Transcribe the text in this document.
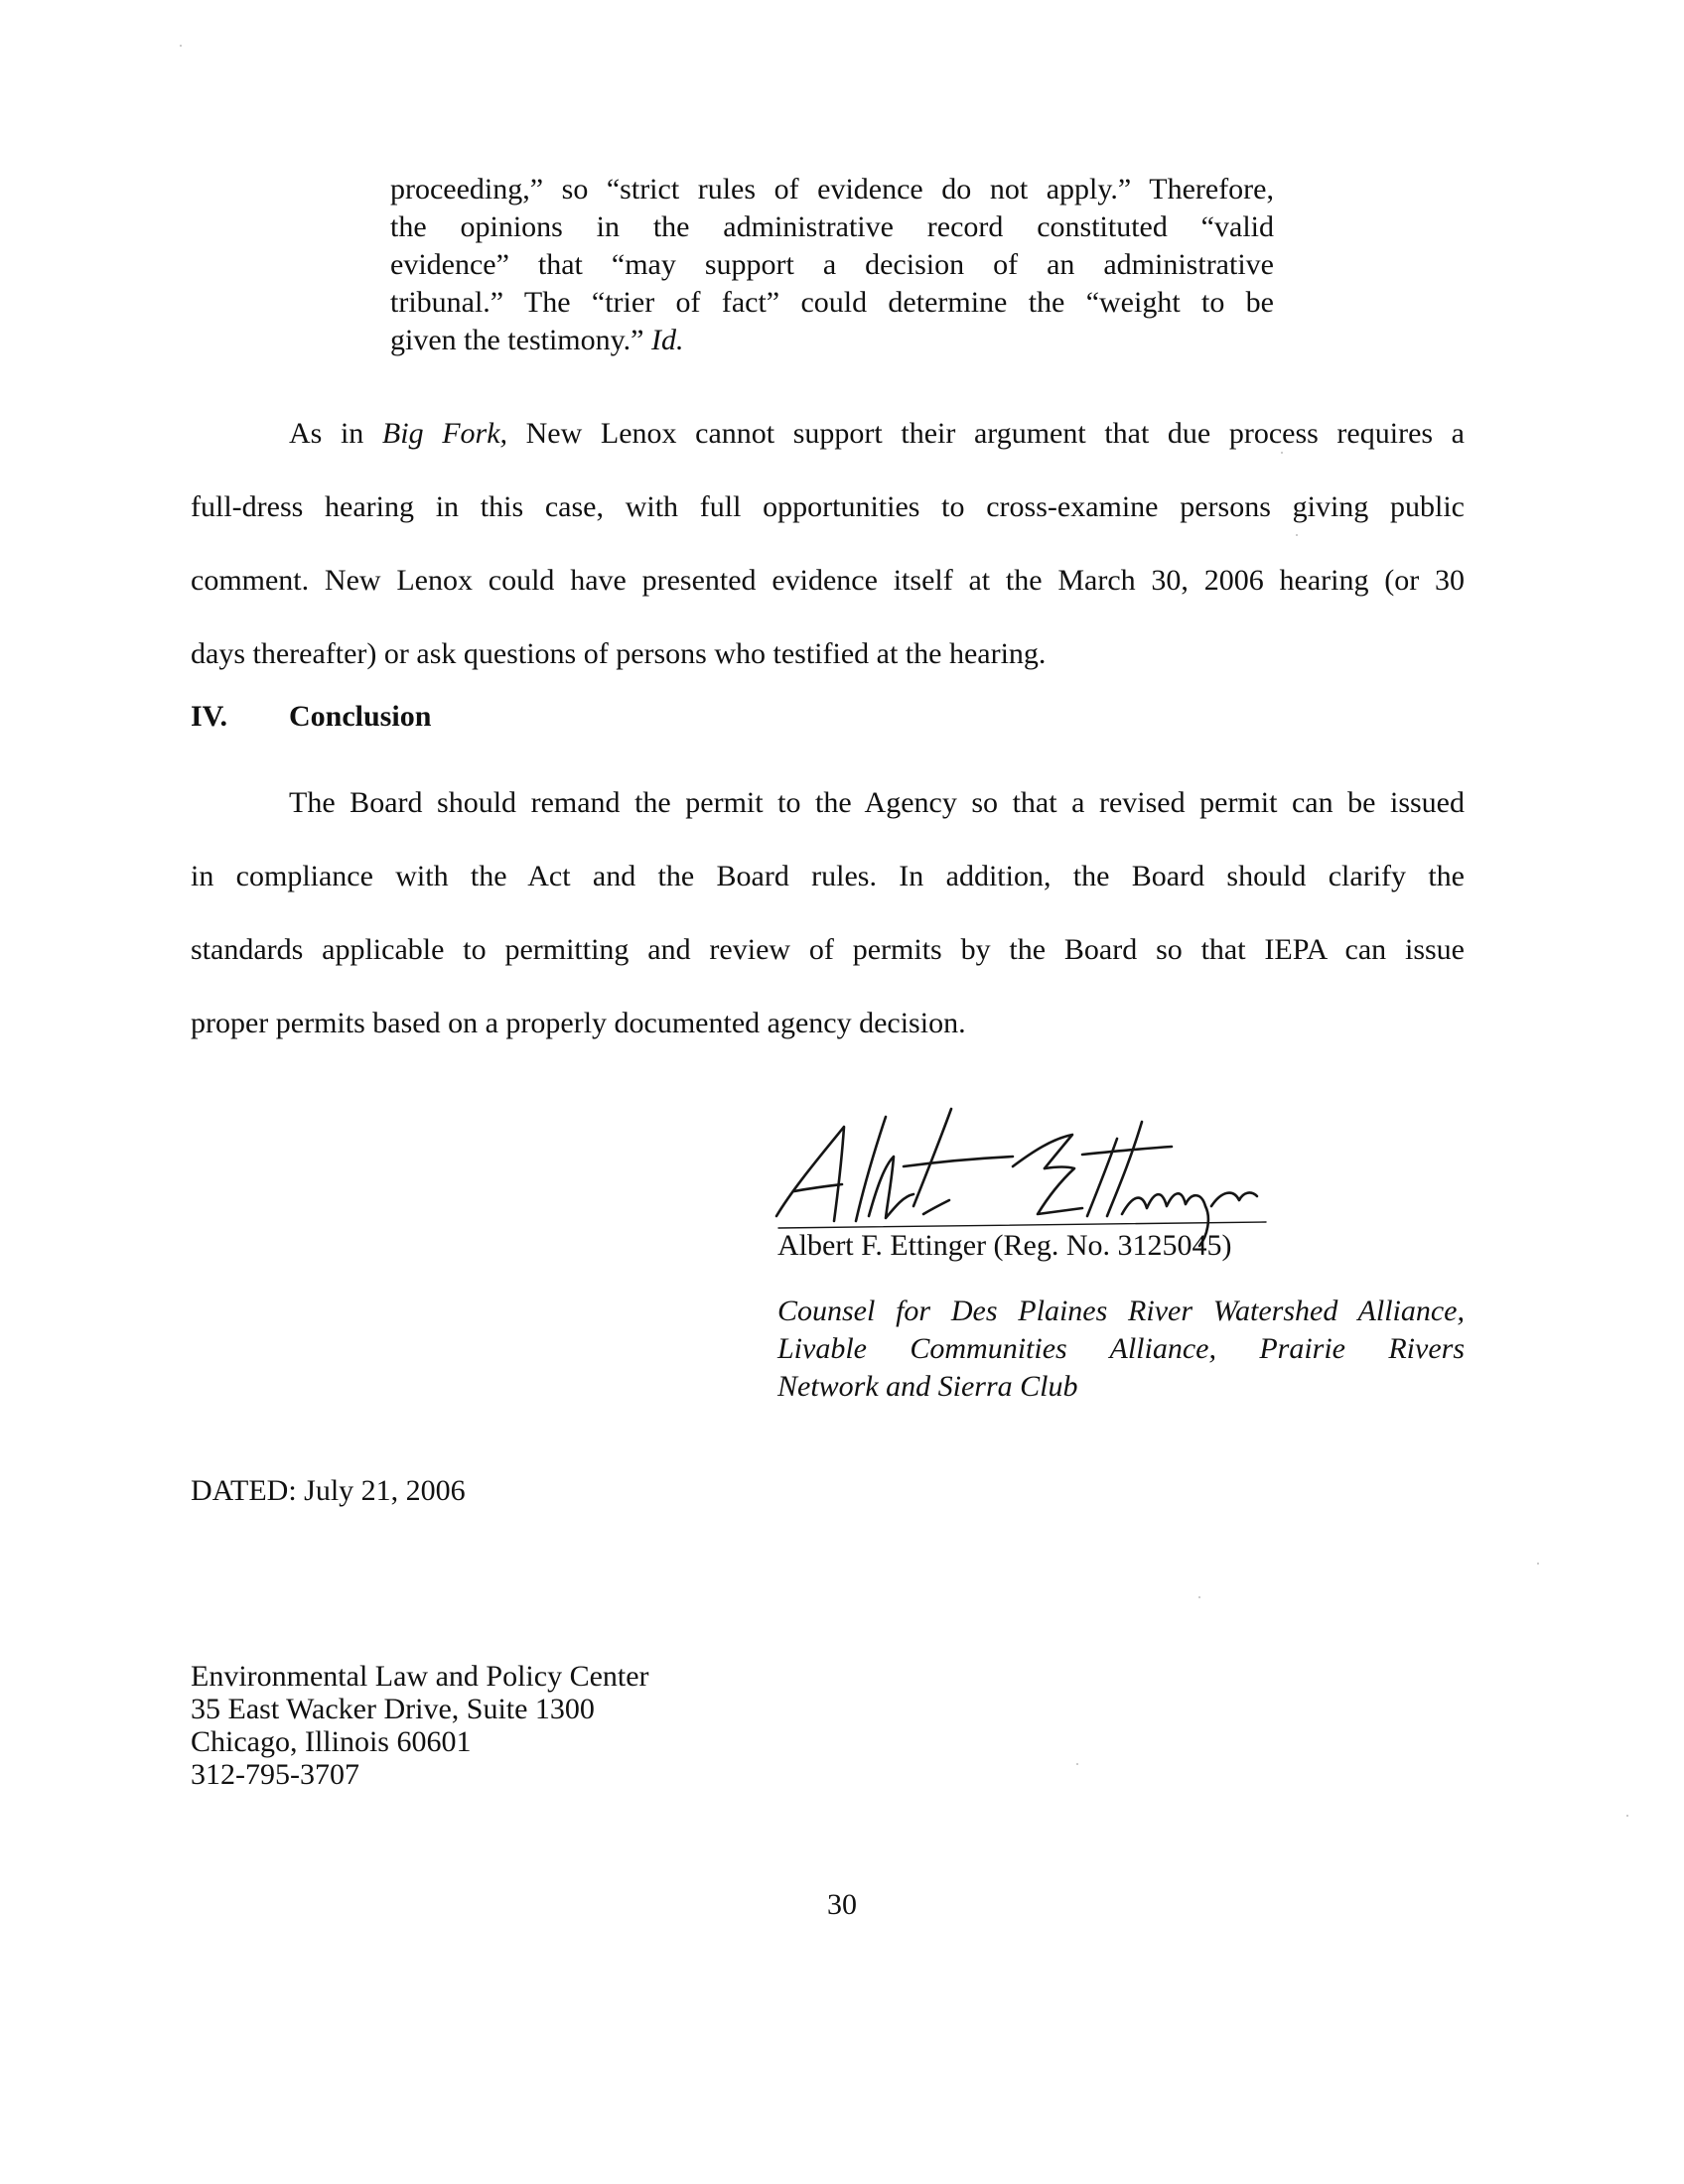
proceeding,” so “strict rules of evidence do not apply.” Therefore,
the opinions in the administrative record constituted “valid
evidence” that “may support a decision of an administrative
tribunal.” The “trier of fact” could determine the “weight to be
given the testimony.” Id.
As in Big Fork, New Lenox cannot support their argument that due process requires a
full-dress hearing in this case, with full opportunities to cross-examine persons giving public
comment. New Lenox could have presented evidence itself at the March 30, 2006 hearing (or 30
days thereafter) or ask questions of persons who testified at the hearing.
IV. Conclusion
The Board should remand the permit to the Agency so that a revised permit can be issued
in compliance with the Act and the Board rules. In addition, the Board should clarify the
standards applicable to permitting and review of permits by the Board so that IEPA can issue
proper permits based on a properly documented agency decision.
Albert F. Ettinger (Reg. No. 3125045)
Counsel for Des Plaines River Watershed Alliance,
Livable Communities Alliance, Prairie Rivers
Network and Sierra Club
DATED: July 21, 2006
Environmental Law and Policy Center
35 East Wacker Drive, Suite 1300
Chicago, Illinois 60601
312-795-3707
30
